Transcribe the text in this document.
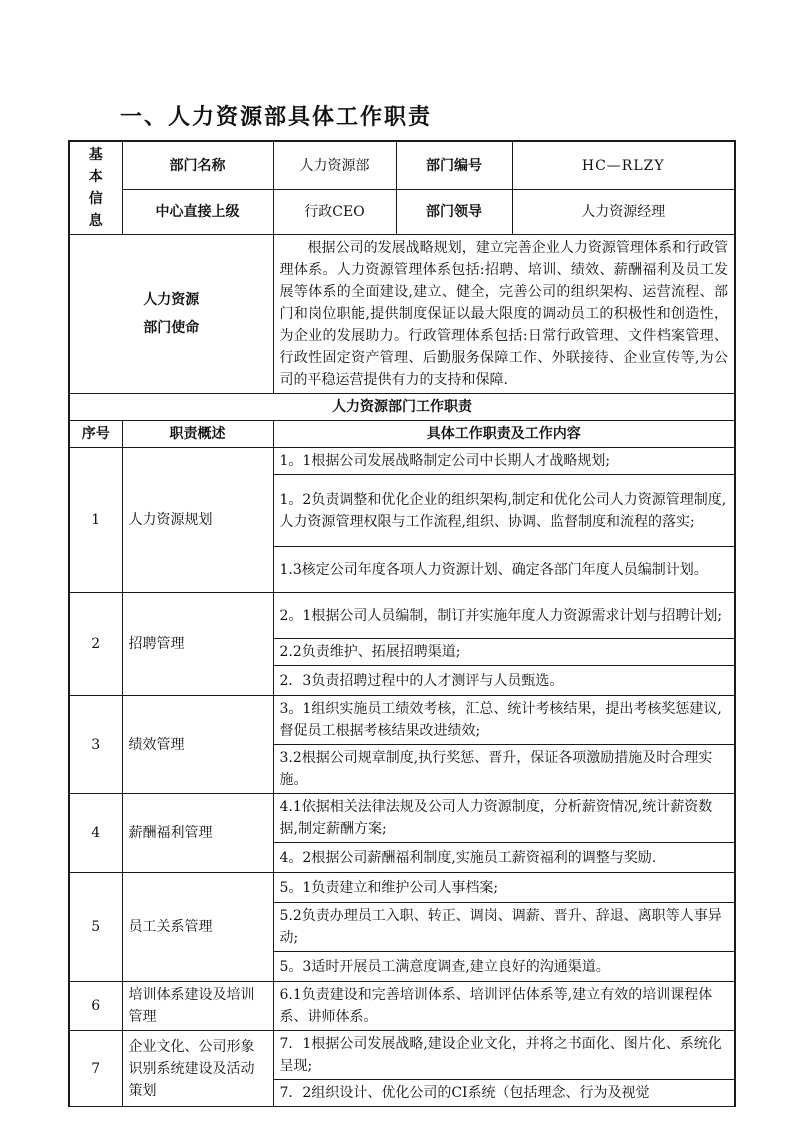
一、人力资源部具体工作职责
基
本
信
息	部门名称	人力资源部	部门编号	HC—RLZY
	中心直接上级	行政CEO	部门领导	人力资源经理

人力资源
部门使命		　　根据公司的发展战略规划，建立完善企业人力资源管理体系和行政管理体系。人力资源管理体系包括:招聘、培训、绩效、薪酬福利及员工发展等体系的全面建设,建立、健全，完善公司的组织架构、运营流程、部门和岗位职能,提供制度保证以最大限度的调动员工的积极性和创造性，为企业的发展助力。行政管理体系包括:日常行政管理、文件档案管理、行政性固定资产管理、后勤服务保障工作、外联接待、企业宣传等,为公司的平稳运营提供有力的支持和保障.		
人力资源部门工作职责				
序号	职责概述	具体工作职责及工作内容		
1	人力资源规划	1。1根据公司发展战略制定公司中长期人才战略规划;		
		1。2负责调整和优化企业的组织架构,制定和优化公司人力资源管理制度,人力资源管理权限与工作流程,组织、协调、监督制度和流程的落实;		
		1.3核定公司年度各项人力资源计划、确定各部门年度人员编制计划。		
2	招聘管理	2。1根据公司人员编制，制订并实施年度人力资源需求计划与招聘计划;		
		2.2负责维护、拓展招聘渠道;		
		2．3负责招聘过程中的人才测评与人员甄选。		
3	绩效管理	3。1组织实施员工绩效考核，汇总、统计考核结果，提出考核奖惩建议,督促员工根据考核结果改进绩效;		
		3.2根据公司规章制度,执行奖惩、晋升，保证各项激励措施及时合理实施。		
4	薪酬福利管理	4.1依据相关法律法规及公司人力资源制度，分析薪资情况,统计薪资数据,制定薪酬方案;		
		4。2根据公司薪酬福利制度,实施员工薪资福利的调整与奖励.		
5	员工关系管理	5。1负责建立和维护公司人事档案;		
		5.2负责办理员工入职、转正、调岗、调薪、晋升、辞退、离职等人事异动;		
		5。3适时开展员工满意度调查,建立良好的沟通渠道。		
6	培训体系建设及培训管理	6.1负责建设和完善培训体系、培训评估体系等,建立有效的培训课程体系、讲师体系。		
7	企业文化、公司形象识别系统建设及活动策划	7．1根据公司发展战略,建设企业文化，并将之书面化、图片化、系统化呈现;		
		7．2组织设计、优化公司的CI系统（包括理念、行为及视觉		
